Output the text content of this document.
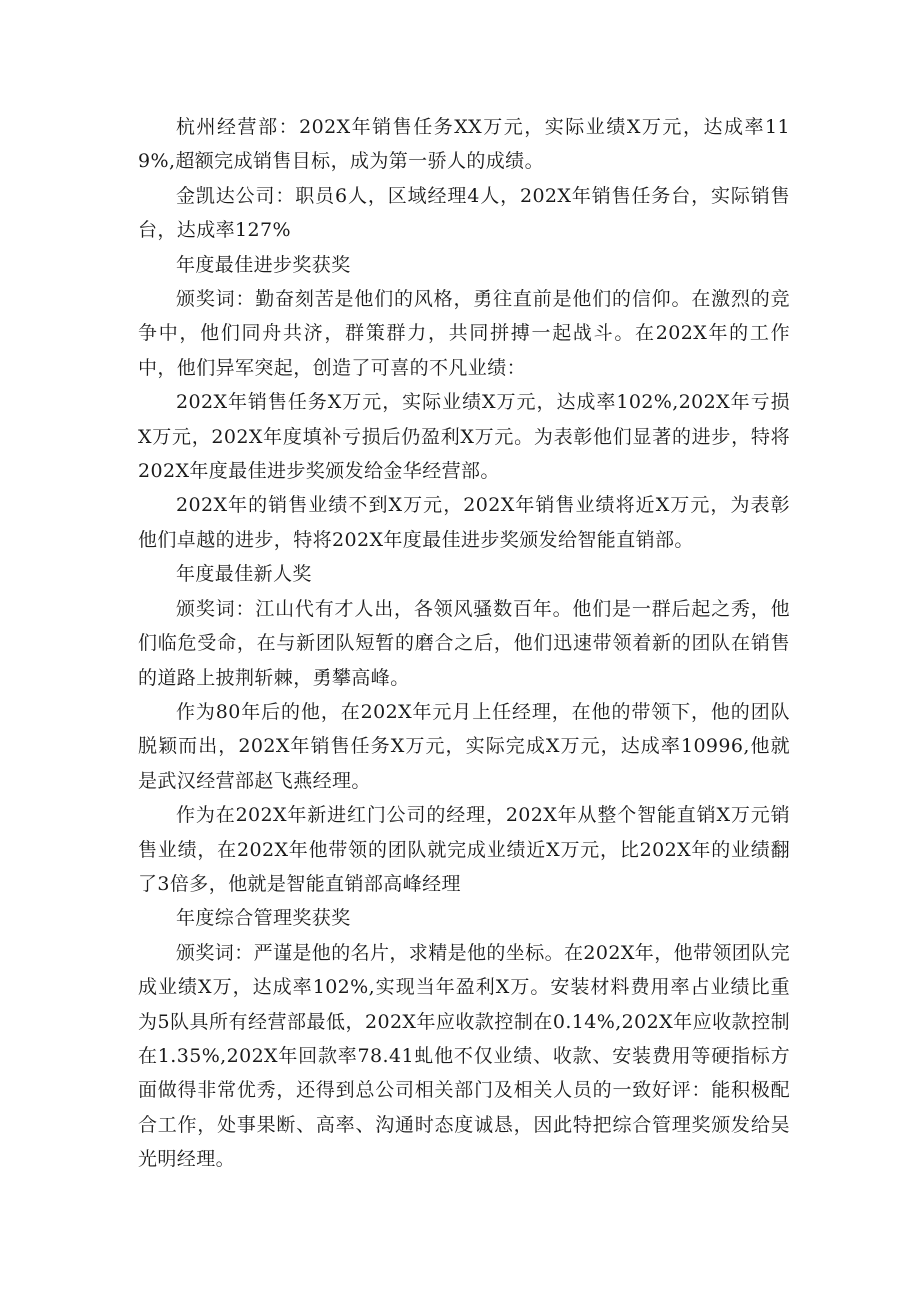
杭州经营部：202X年销售任务XX万元，实际业绩X万元，达成率119%,超额完成销售目标，成为第一骄人的成绩。

金凯达公司：职员6人，区域经理4人，202X年销售任务台，实际销售台，达成率127%

年度最佳进步奖获奖

颁奖词：勤奋刻苦是他们的风格，勇往直前是他们的信仰。在激烈的竞争中，他们同舟共济，群策群力，共同拼搏一起战斗。在202X年的工作中，他们异军突起，创造了可喜的不凡业绩：

202X年销售任务X万元，实际业绩X万元，达成率102%,202X年亏损X万元，202X年度填补亏损后仍盈利X万元。为表彰他们显著的进步，特将202X年度最佳进步奖颁发给金华经营部。

202X年的销售业绩不到X万元，202X年销售业绩将近X万元，为表彰他们卓越的进步，特将202X年度最佳进步奖颁发给智能直销部。

年度最佳新人奖

颁奖词：江山代有才人出，各领风骚数百年。他们是一群后起之秀，他们临危受命，在与新团队短暂的磨合之后，他们迅速带领着新的团队在销售的道路上披荆斩棘，勇攀高峰。

作为80年后的他，在202X年元月上任经理，在他的带领下，他的团队脱颖而出，202X年销售任务X万元，实际完成X万元，达成率10996,他就是武汉经营部赵飞燕经理。

作为在202X年新进红门公司的经理，202X年从整个智能直销X万元销售业绩，在202X年他带领的团队就完成业绩近X万元，比202X年的业绩翻了3倍多，他就是智能直销部高峰经理

年度综合管理奖获奖

颁奖词：严谨是他的名片，求精是他的坐标。在202X年，他带领团队完成业绩X万，达成率102%,实现当年盈利X万。安装材料费用率占业绩比重为5队具所有经营部最低，202X年应收款控制在0.14%,202X年应收款控制在1.35%,202X年回款率78.41虬他不仅业绩、收款、安装费用等硬指标方面做得非常优秀，还得到总公司相关部门及相关人员的一致好评：能积极配合工作，处事果断、高率、沟通时态度诚恳，因此特把综合管理奖颁发给吴光明经理。
